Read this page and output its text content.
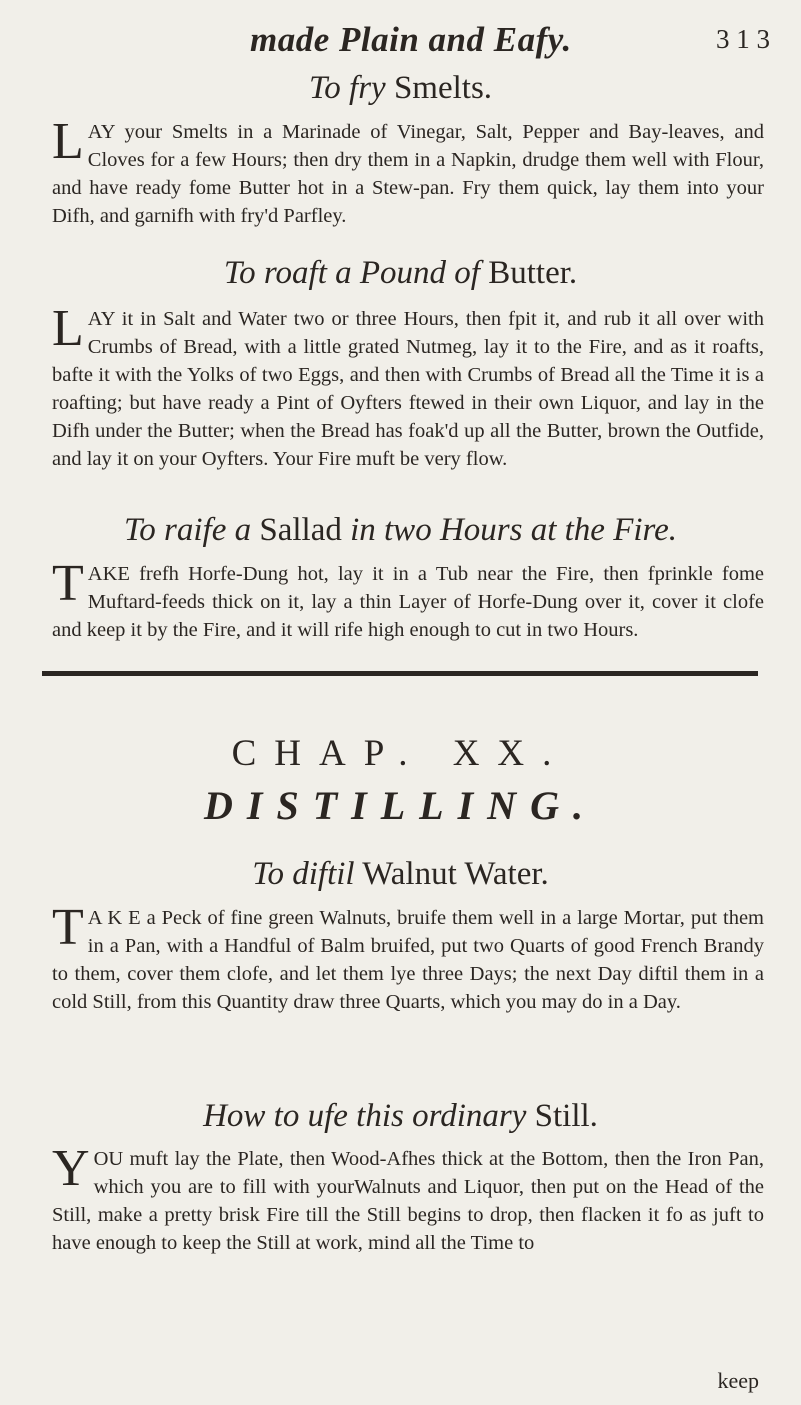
made Plain and Eafy.	3 1 3
To fry Smelts.
LAY your Smelts in a Marinade of Vinegar, Salt, Pepper and Bay-leaves, and Cloves for a few Hours; then dry them in a Napkin, drudge them well with Flour, and have ready fome Butter hot in a Stew-pan. Fry them quick, lay them into your Difh, and garnifh with fry'd Parfley.
To roaft a Pound of Butter.
LAY it in Salt and Water two or three Hours, then fpit it, and rub it all over with Crumbs of Bread, with a little grated Nutmeg, lay it to the Fire, and as it roafts, bafte it with the Yolks of two Eggs, and then with Crumbs of Bread all the Time it is a roafting; but have ready a Pint of Oyfters ftewed in their own Liquor, and lay in the Difh under the Butter; when the Bread has foak'd up all the Butter, brown the Outfide, and lay it on your Oyfters. Your Fire muft be very flow.
To raife a Sallad in two Hours at the Fire.
TAKE frefh Horfe-Dung hot, lay it in a Tub near the Fire, then fprinkle fome Muftard-feeds thick on it, lay a thin Layer of Horfe-Dung over it, cover it clofe and keep it by the Fire, and it will rife high enough to cut in two Hours.
CHAP. XX.
DISTILLING.
To diftil Walnut Water.
T A K E a Peck of fine green Walnuts, bruife them well in a large Mortar, put them in a Pan, with a Handful of Balm bruifed, put two Quarts of good French Brandy to them, cover them clofe, and let them lye three Days; the next Day diftil them in a cold Still, from this Quantity draw three Quarts, which you may do in a Day.
How to ufe this ordinary Still.
YOU muft lay the Plate, then Wood-Afhes thick at the Bottom, then the Iron Pan, which you are to fill with yourWalnuts and Liquor, then put on the Head of the Still, make a pretty brisk Fire till the Still begins to drop, then flacken it fo as juft to have enough to keep the Still at work, mind all the Time to
keep
